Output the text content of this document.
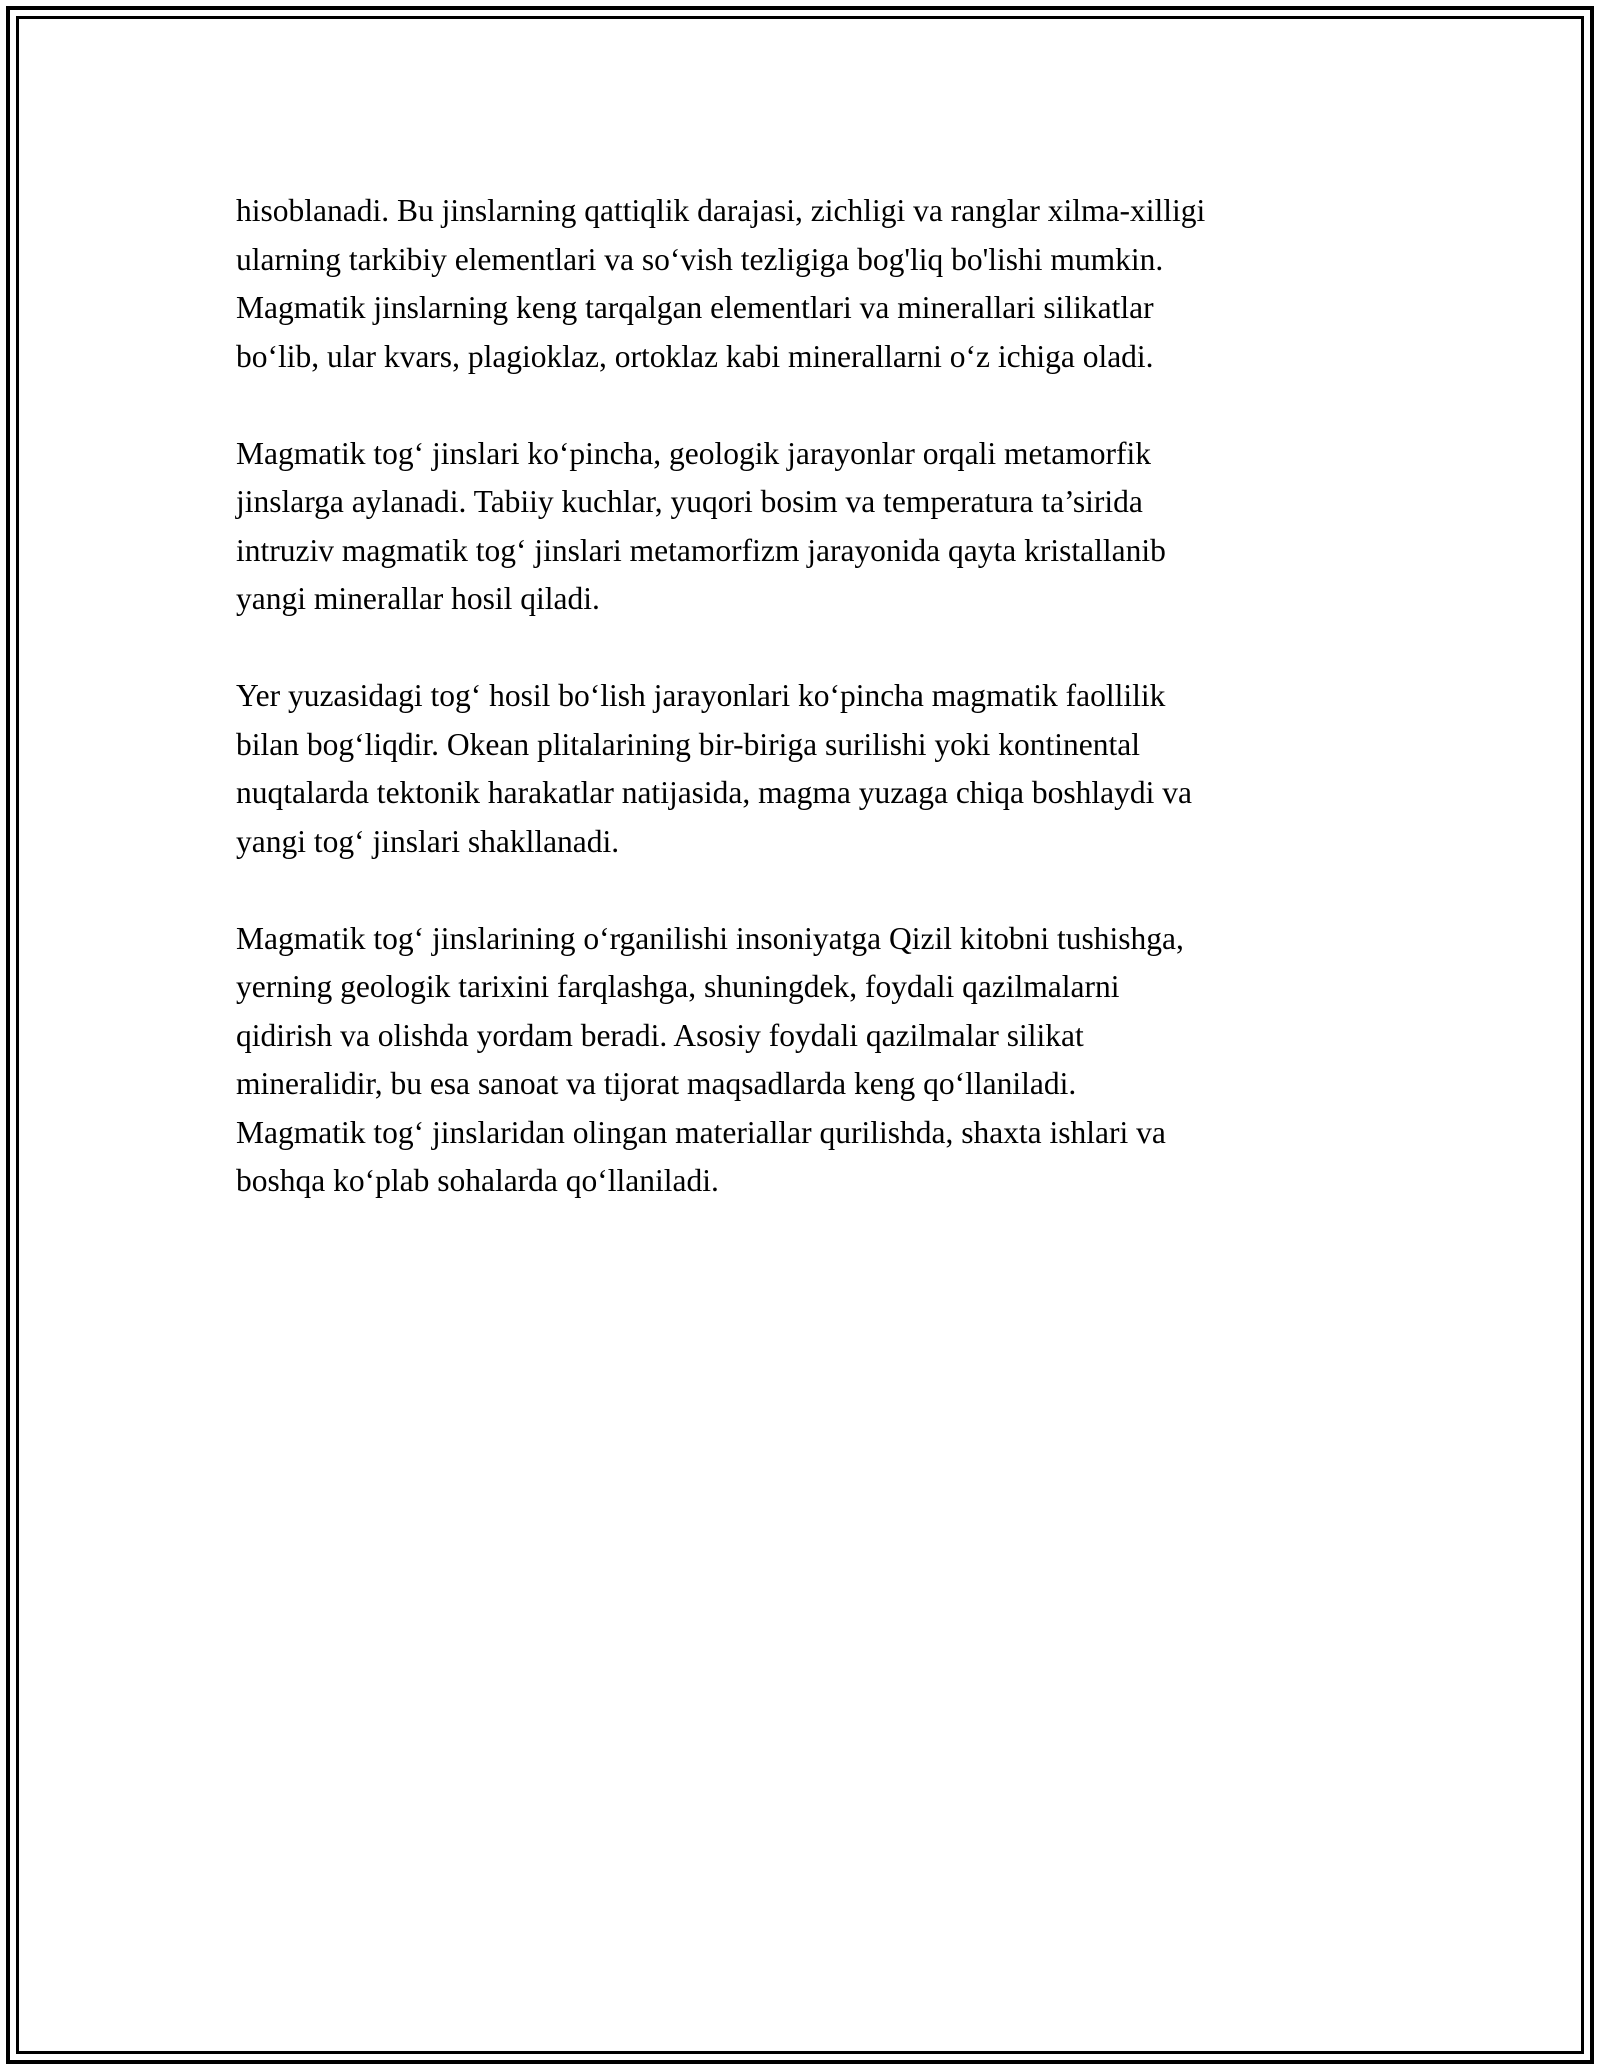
hisoblanadi. Bu jinslarning qattiqlik darajasi, zichligi va ranglar xilma-xilligi
ularning tarkibiy elementlari va so‘vish tezligiga bog'liq bo'lishi mumkin.
Magmatik jinslarning keng tarqalgan elementlari va minerallari silikatlar
bo‘lib, ular kvars, plagioklaz, ortoklaz kabi minerallarni o‘z ichiga oladi.

Magmatik tog‘ jinslari ko‘pincha, geologik jarayonlar orqali metamorfik
jinslarga aylanadi. Tabiiy kuchlar, yuqori bosim va temperatura ta’sirida
intruziv magmatik tog‘ jinslari metamorfizm jarayonida qayta kristallanib
yangi minerallar hosil qiladi.

Yer yuzasidagi tog‘ hosil bo‘lish jarayonlari ko‘pincha magmatik faollilik
bilan bog‘liqdir. Okean plitalarining bir-biriga surilishi yoki kontinental
nuqtalarda tektonik harakatlar natijasida, magma yuzaga chiqa boshlaydi va
yangi tog‘ jinslari shakllanadi.

Magmatik tog‘ jinslarining o‘rganilishi insoniyatga Qizil kitobni tushishga,
yerning geologik tarixini farqlashga, shuningdek, foydali qazilmalarni
qidirish va olishda yordam beradi. Asosiy foydali qazilmalar silikat
mineralidir, bu esa sanoat va tijorat maqsadlarda keng qo‘llaniladi.
Magmatik tog‘ jinslaridan olingan materiallar qurilishda, shaxta ishlari va
boshqa ko‘plab sohalarda qo‘llaniladi.
